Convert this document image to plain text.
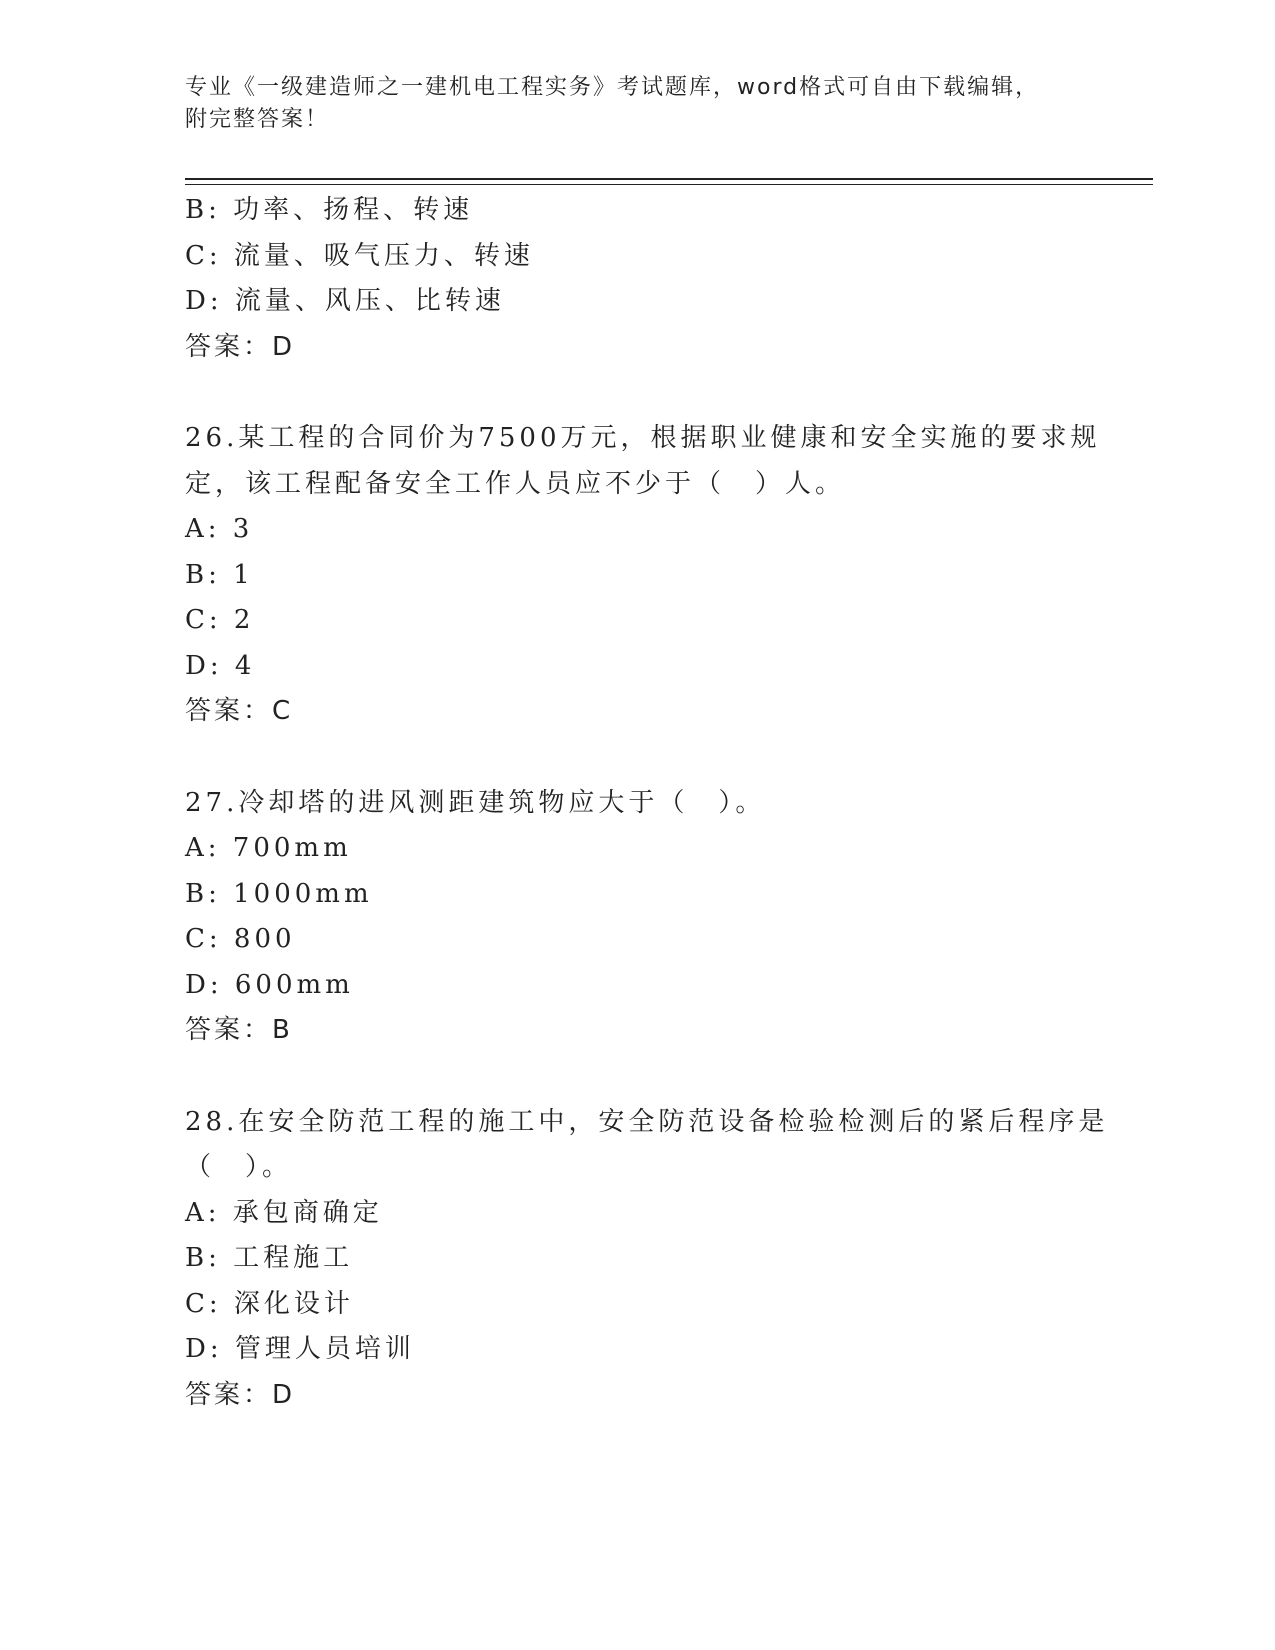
专业《一级建造师之一建机电工程实务》考试题库，word格式可自由下载编辑，
附完整答案！
B: 功率、扬程、转速
C: 流量、吸气压力、转速
D: 流量、风压、比转速
答案：D
26.某工程的合同价为7500万元，根据职业健康和安全实施的要求规
定，该工程配备安全工作人员应不少于（　）人。
A: 3
B: 1
C: 2
D: 4
答案：C
27.冷却塔的进风测距建筑物应大于（　）。
A: 700mm
B: 1000mm
C: 800
D: 600mm
答案：B
28.在安全防范工程的施工中，安全防范设备检验检测后的紧后程序是
（　）。
A: 承包商确定
B: 工程施工
C: 深化设计
D: 管理人员培训
答案：D
